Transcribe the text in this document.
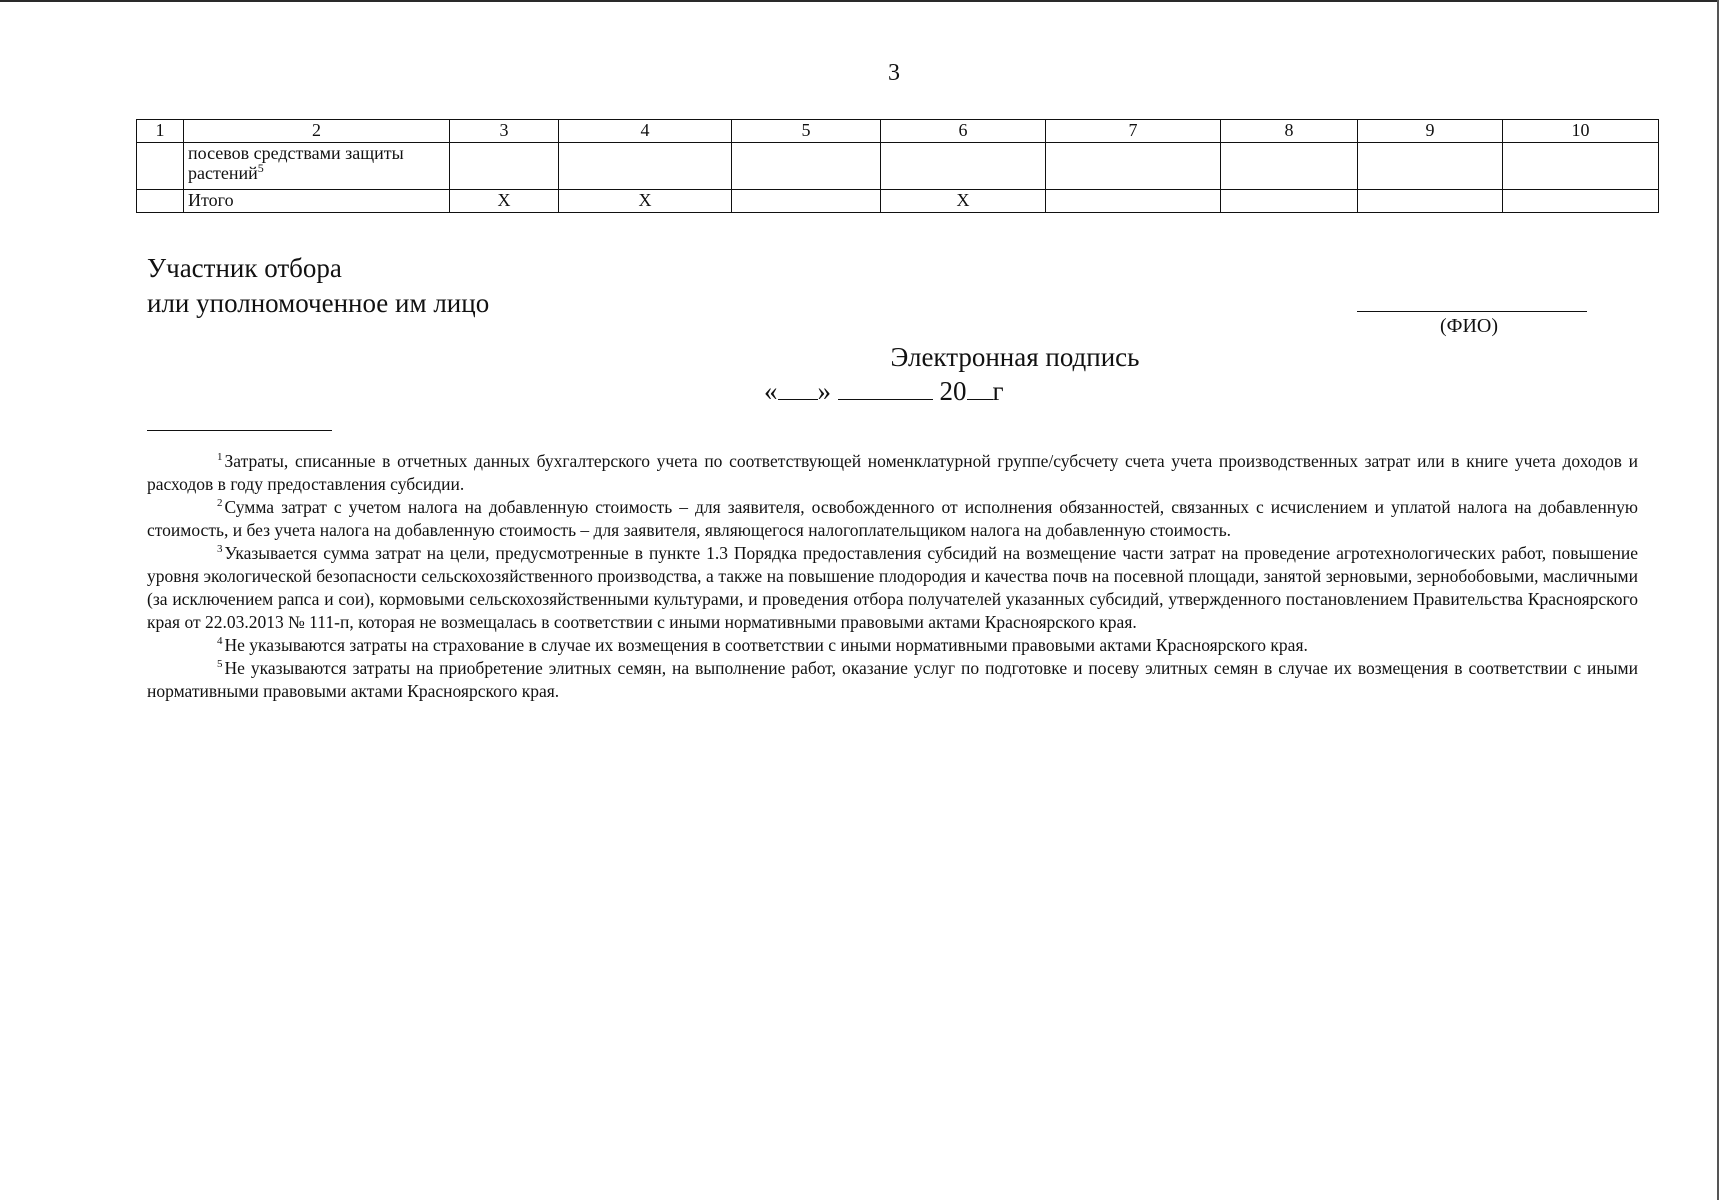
3
1	2	3	4	5	6	7	8	9	10
	посевов средствами защиты растений$^5$								
	Итого	Х	Х		Х				
Участник отбора
или уполномоченное им лицо
(ФИО)
Электронная подпись
« »	20 г

$^1$ Затраты, списанные в отчетных данных бухгалтерского учета по соответствующей номенклатурной группе/субсчету счета учета производственных затрат или в книге учета доходов и расходов в году предоставления субсидии.

$^2$ Сумма затрат с учетом налога на добавленную стоимость – для заявителя, освобожденного от исполнения обязанностей, связанных с исчислением и уплатой налога на добавленную стоимость, и без учета налога на добавленную стоимость – для заявителя, являющегося налогоплательщиком налога на добавленную стоимость.

$^3$ Указывается сумма затрат на цели, предусмотренные в пункте 1.3 Порядка предоставления субсидий на возмещение части затрат на проведение агротехнологических работ, повышение уровня экологической безопасности сельскохозяйственного производства, а также на повышение плодородия и качества почв на посевной площади, занятой зерновыми, зернобобовыми, масличными (за исключением рапса и сои), кормовыми сельскохозяйственными культурами, и проведения отбора получателей указанных субсидий, утвержденного постановлением Правительства Красноярского края от 22.03.2013 № 111-п, которая не возмещалась в соответствии с иными нормативными правовыми актами Красноярского края.

$^4$ Не указываются затраты на страхование в случае их возмещения в соответствии с иными нормативными правовыми актами Красноярского края.

$^5$ Не указываются затраты на приобретение элитных семян, на выполнение работ, оказание услуг по подготовке и посеву элитных семян в случае их возмещения в соответствии с иными нормативными правовыми актами Красноярского края.
